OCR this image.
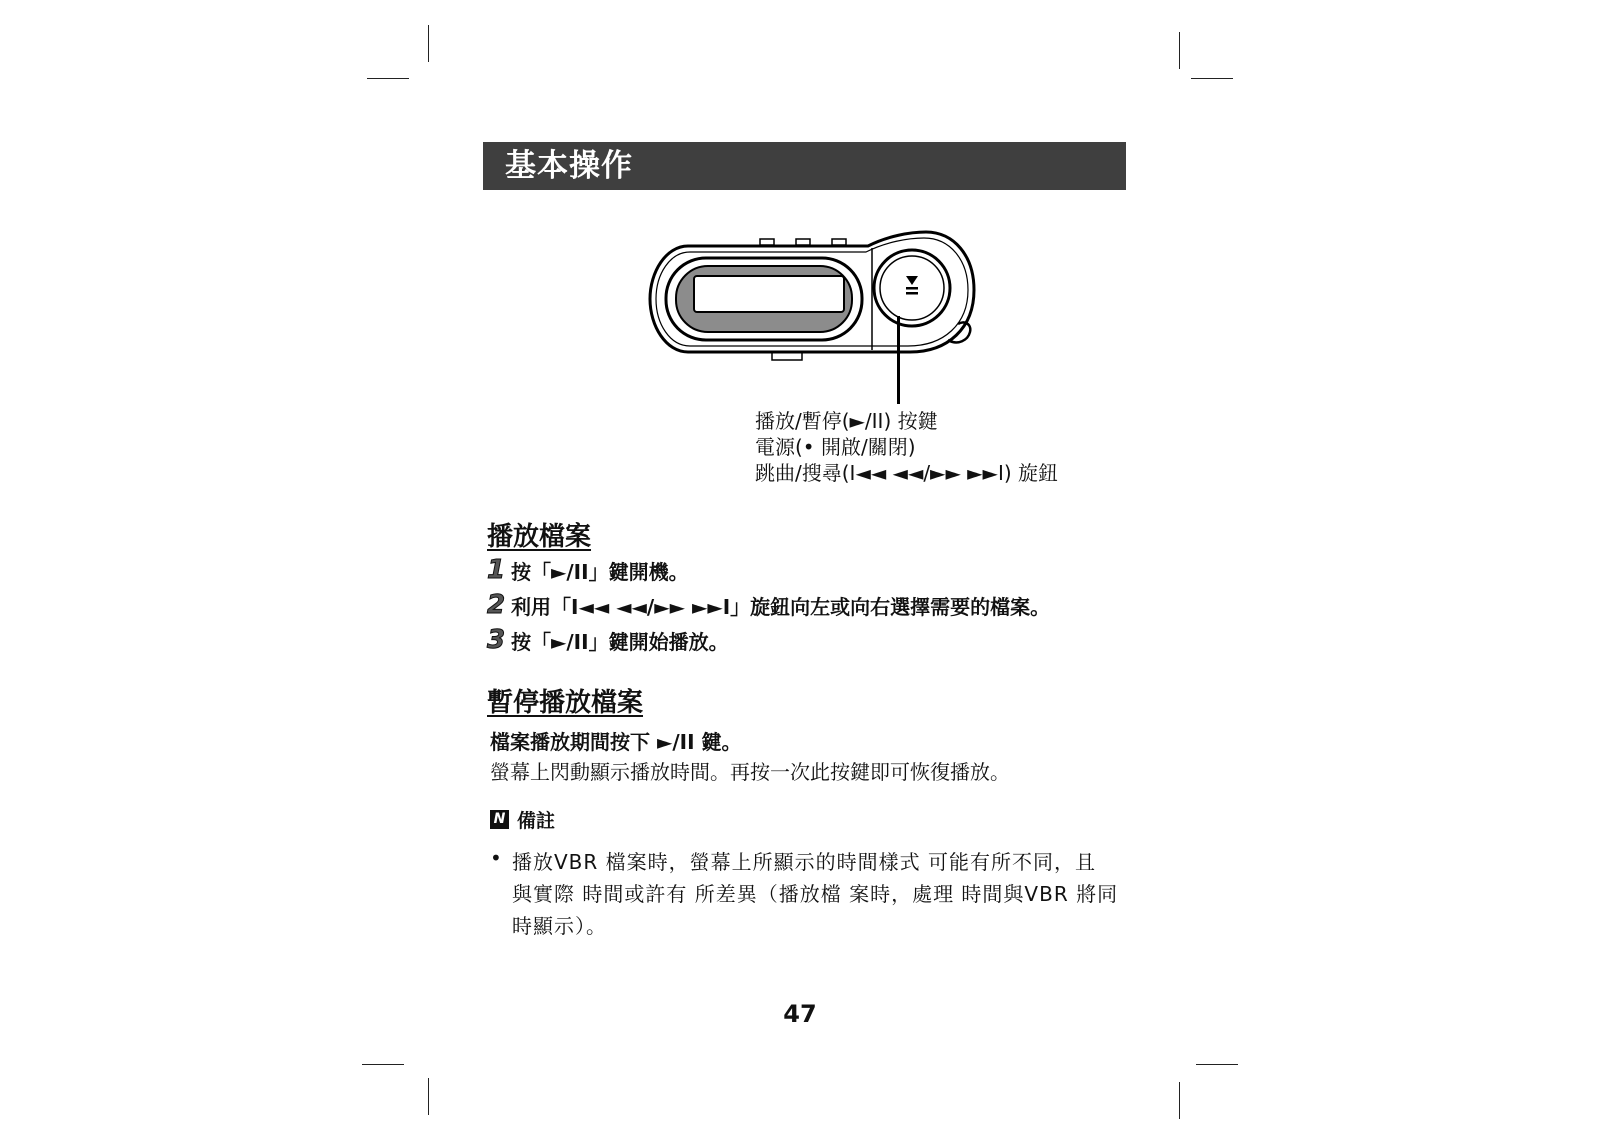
基本操作
播放/暫停(►/II) 按鍵
電源(• 開啟/關閉)
跳曲/搜尋(I◄◄ ◄◄/►► ►►I) 旋鈕
播放檔案
1 按「►/II」鍵開機。
2 利用「I◄◄ ◄◄/►► ►►I」旋鈕向左或向右選擇需要的檔案。
3 按「►/II」鍵開始播放。
暫停播放檔案
檔案播放期間按下 ►/II 鍵。
螢幕上閃動顯示播放時間。再按一次此按鍵即可恢復播放。
N 備註
• 播放VBR 檔案時，螢幕上所顯示的時間樣式 可能有所不同，且
與實際 時間或許有 所差異（播放檔 案時，處理 時間與VBR 將同
時顯示）。
47
